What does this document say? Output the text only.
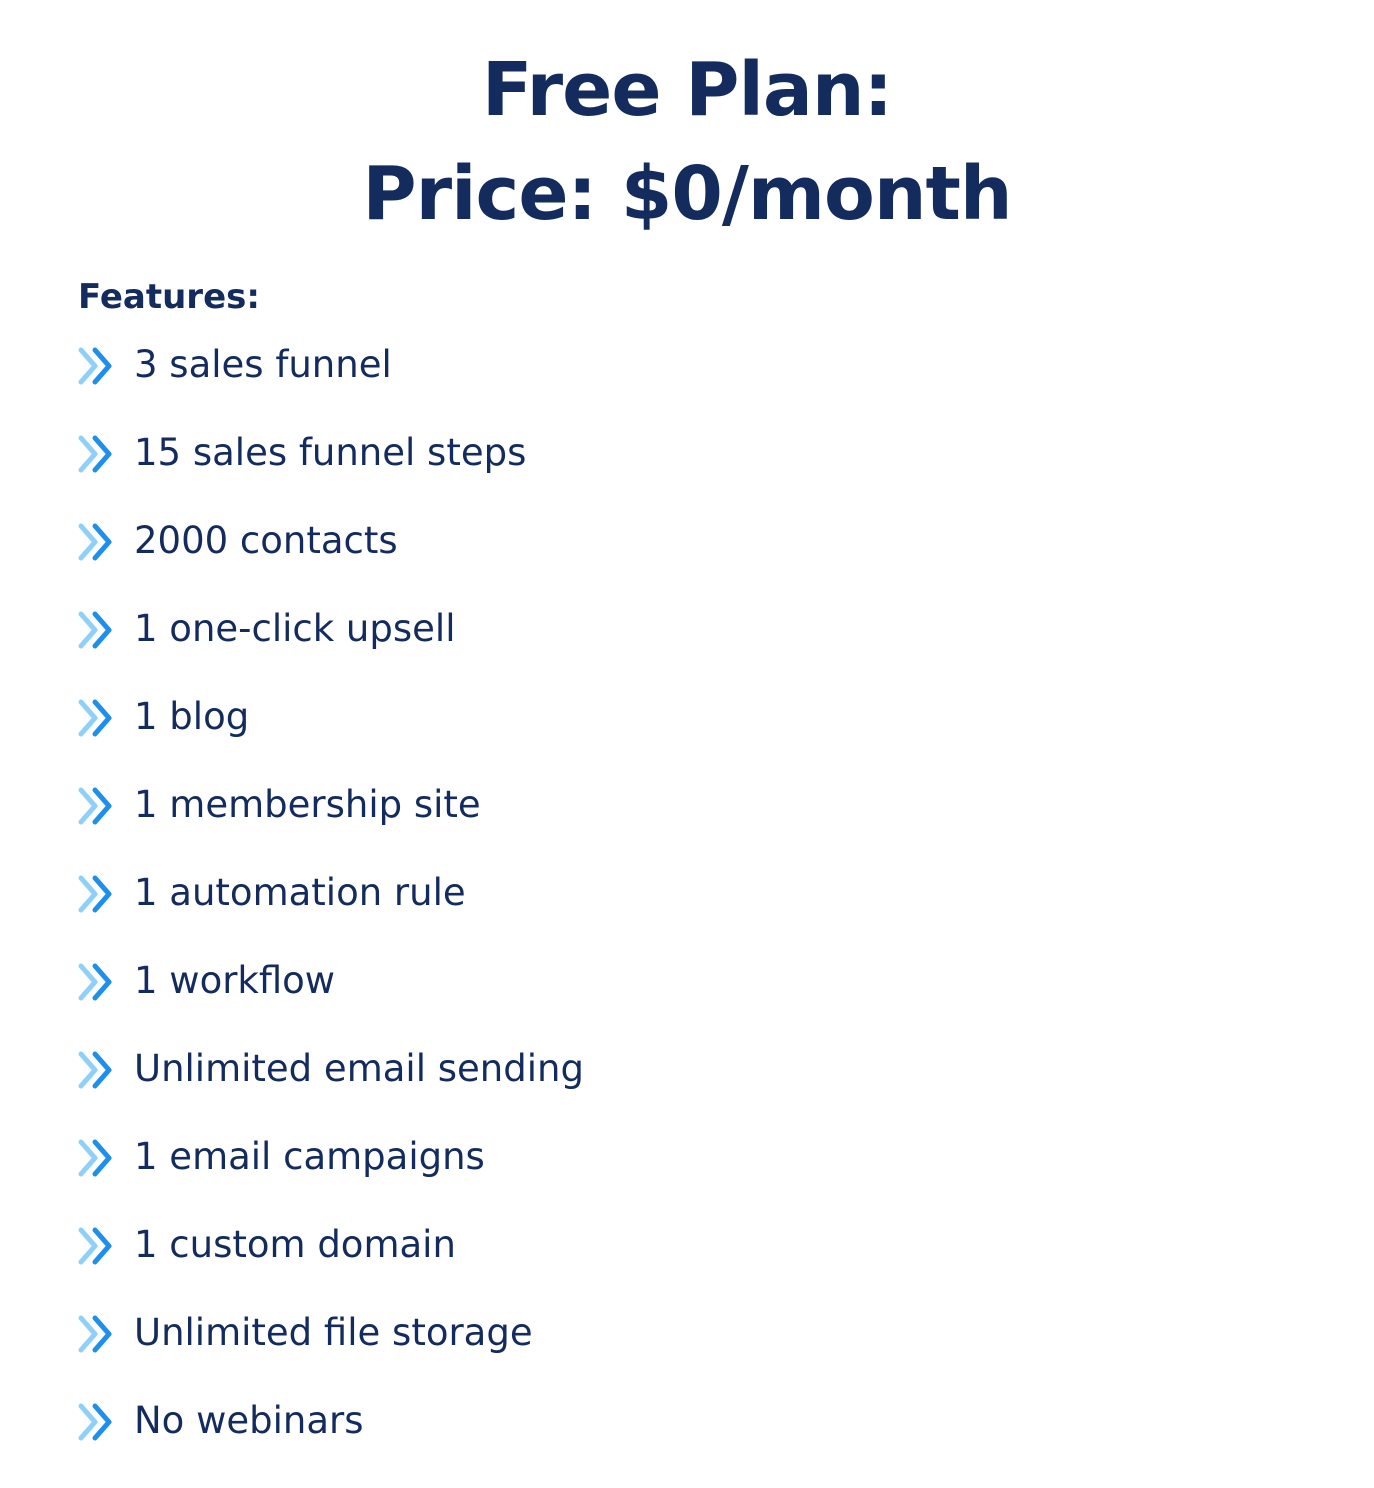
Free Plan:
Price: $0/month
Features:
3 sales funnel
15 sales funnel steps
2000 contacts
1 one-click upsell
1 blog
1 membership site
1 automation rule
1 workflow
Unlimited email sending
1 email campaigns
1 custom domain
Unlimited file storage
No webinars
